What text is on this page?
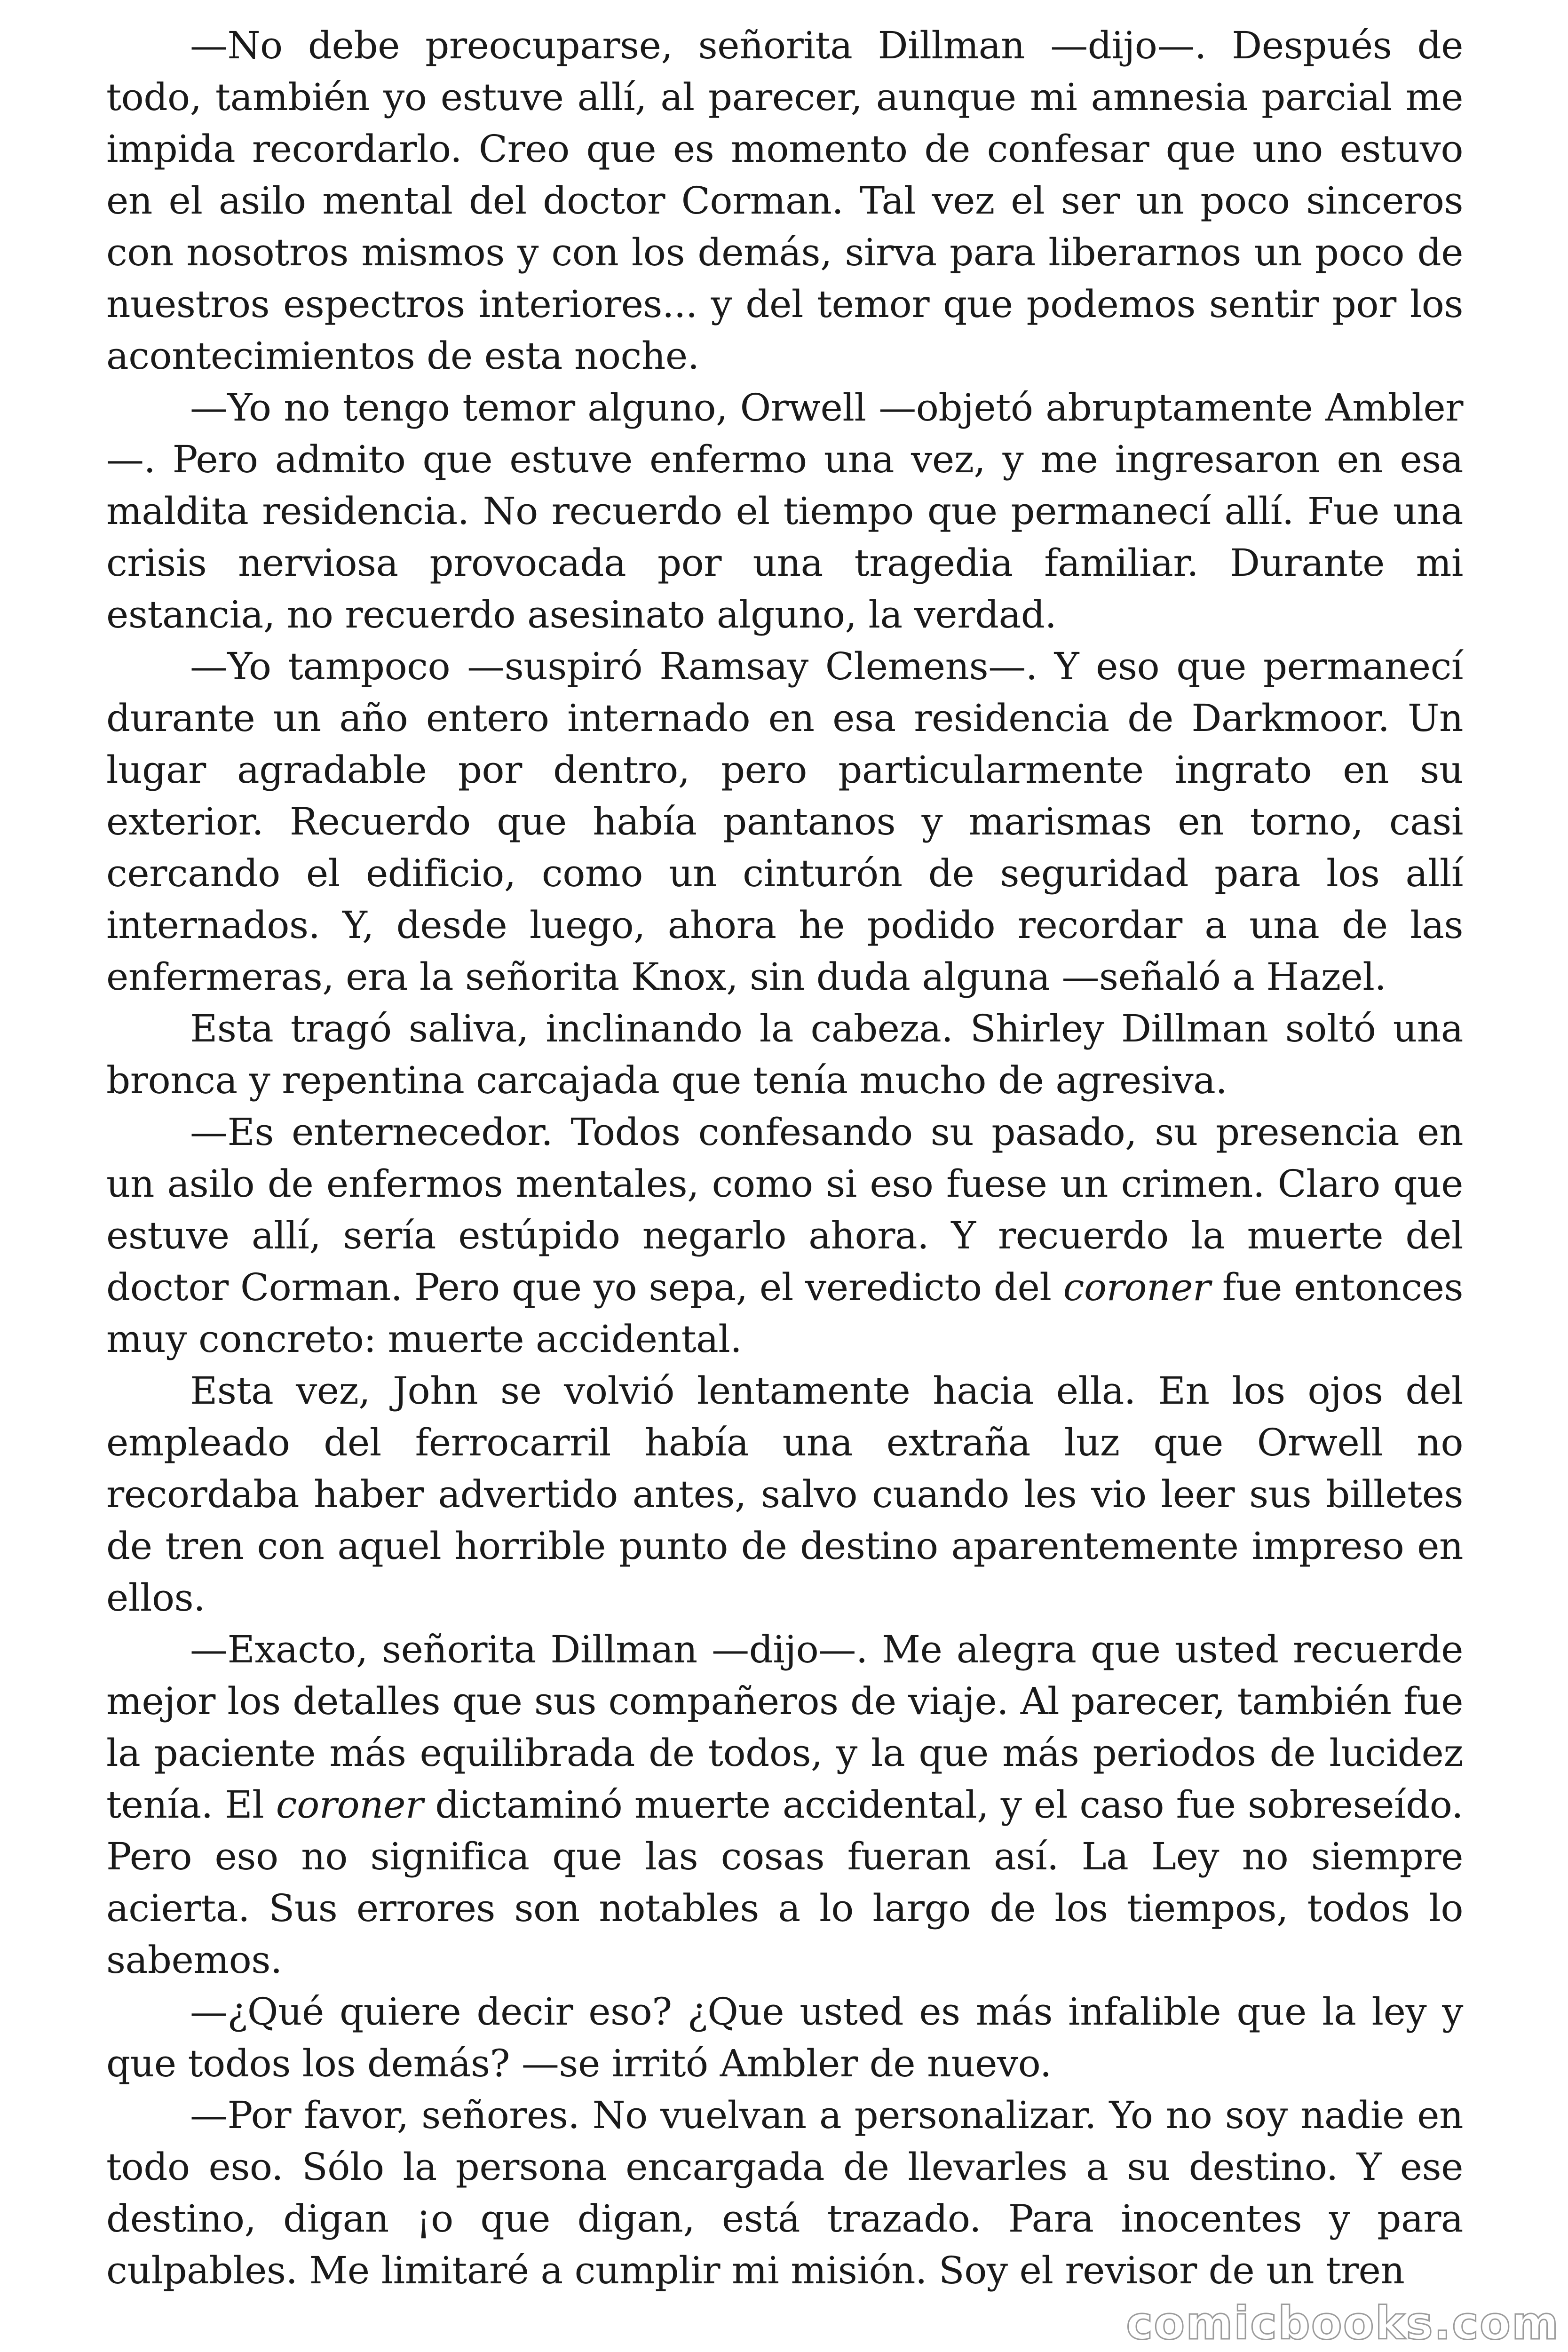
—No debe preocuparse, señorita Dillman —dijo—. Después de todo, también yo estuve allí, al parecer, aunque mi amnesia parcial me impida recordarlo. Creo que es momento de confesar que uno estuvo en el asilo mental del doctor Corman. Tal vez el ser un poco sinceros con nosotros mismos y con los demás, sirva para liberarnos un poco de nuestros espectros interiores... y del temor que podemos sentir por los acontecimientos de esta noche.

—Yo no tengo temor alguno, Orwell —objetó abruptamente Ambler—. Pero admito que estuve enfermo una vez, y me ingresaron en esa maldita residencia. No recuerdo el tiempo que permanecí allí. Fue una crisis nerviosa provocada por una tragedia familiar. Durante mi estancia, no recuerdo asesinato alguno, la verdad.

—Yo tampoco —suspiró Ramsay Clemens—. Y eso que permanecí durante un año entero internado en esa residencia de Darkmoor. Un lugar agradable por dentro, pero particularmente ingrato en su exterior. Recuerdo que había pantanos y marismas en torno, casi cercando el edificio, como un cinturón de seguridad para los allí internados. Y, desde luego, ahora he podido recordar a una de las enfermeras, era la señorita Knox, sin duda alguna —señaló a Hazel.

Esta tragó saliva, inclinando la cabeza. Shirley Dillman soltó una bronca y repentina carcajada que tenía mucho de agresiva.

—Es enternecedor. Todos confesando su pasado, su presencia en un asilo de enfermos mentales, como si eso fuese un crimen. Claro que estuve allí, sería estúpido negarlo ahora. Y recuerdo la muerte del doctor Corman. Pero que yo sepa, el veredicto del coroner fue entonces muy concreto: muerte accidental.

Esta vez, John se volvió lentamente hacia ella. En los ojos del empleado del ferrocarril había una extraña luz que Orwell no recordaba haber advertido antes, salvo cuando les vio leer sus billetes de tren con aquel horrible punto de destino aparentemente impreso en ellos.

—Exacto, señorita Dillman —dijo—. Me alegra que usted recuerde mejor los detalles que sus compañeros de viaje. Al parecer, también fue la paciente más equilibrada de todos, y la que más periodos de lucidez tenía. El coroner dictaminó muerte accidental, y el caso fue sobreseído. Pero eso no significa que las cosas fueran así. La Ley no siempre acierta. Sus errores son notables a lo largo de los tiempos, todos lo sabemos.

—¿Qué quiere decir eso? ¿Que usted es más infalible que la ley y que todos los demás? —se irritó Ambler de nuevo.

—Por favor, señores. No vuelvan a personalizar. Yo no soy nadie en todo eso. Sólo la persona encargada de llevarles a su destino. Y ese destino, digan ¡o que digan, está trazado. Para inocentes y para culpables. Me limitaré a cumplir mi misión. Soy el revisor de un tren

comicbooks.com
